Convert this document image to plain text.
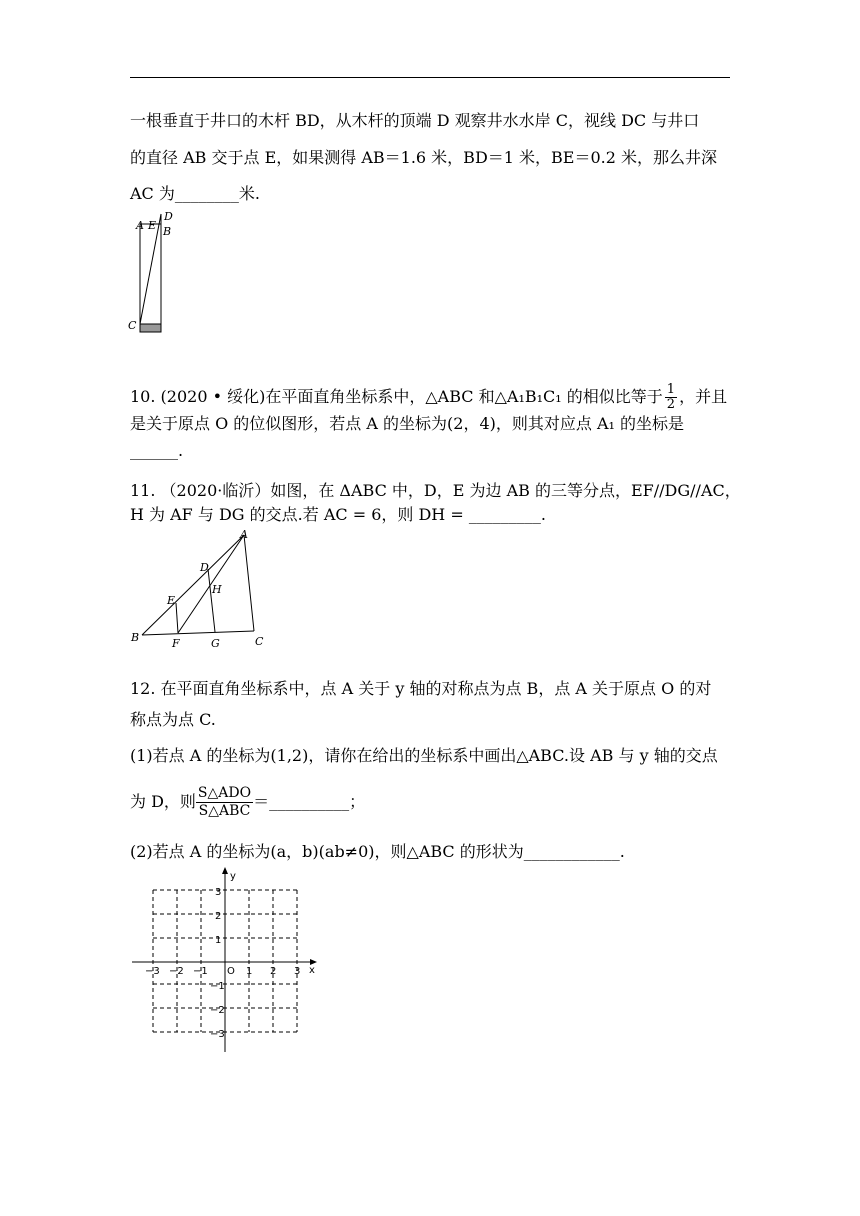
一根垂直于井口的木杆 BD，从木杆的顶端 D 观察井水水岸 C，视线 DC 与井口
的直径 AB 交于点 E，如果测得 AB＝1.6 米，BD＝1 米，BE＝0.2 米，那么井深
AC 为________米.
A E
D
B
C
10. (2020 • 绥化)在平面直角坐标系中，△ABC 和△A₁B₁C₁ 的相似比等于 $\frac{1}{2}$ ，并且
是关于原点 O 的位似图形，若点 A 的坐标为(2，4)，则其对应点 A₁ 的坐标是
______.
11. （2020·临沂）如图，在 ΔABC 中，D，E 为边 AB 的三等分点，EF//DG//AC，
H 为 AF 与 DG 的交点.若 AC = 6，则 DH = _________.
A
D
E
H
B	F	G	C
12. 在平面直角坐标系中，点 A 关于 y 轴的对称点为点 B，点 A 关于原点 O 的对
称点为点 C.
(1)若点 A 的坐标为(1,2)，请你在给出的坐标系中画出△ABC.设 AB 与 y 轴的交点
为 D，则 $\frac{\text{S△ADO}}{\text{S△ABC}}$ ＝__________；
(2)若点 A 的坐标为(a，b)(ab≠0)，则△ABC 的形状为____________.
x
y
O
−3 −2 −1	1 2 3
3
2
1
−1
−2
−3
